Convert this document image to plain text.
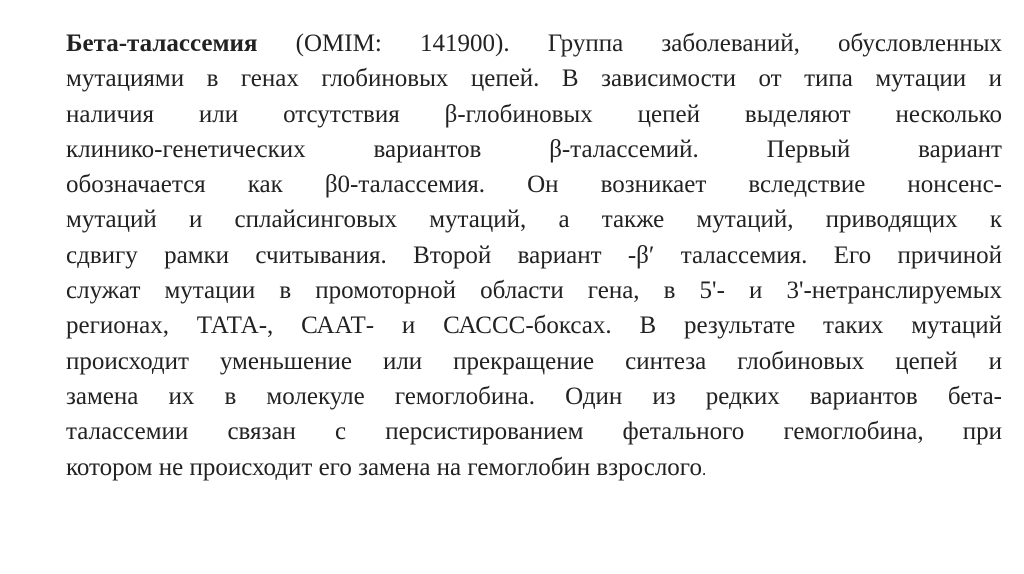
Бета-талассемия (OMIM: 141900). Группа заболеваний, обусловленных
мутациями в генах глобиновых цепей. В зависимости от типа мутации и
наличия или отсутствия β-глобиновых цепей выделяют несколько
клинико-генетических вариантов β-талассемий. Первый вариант
обозначается как β0-талассемия. Он возникает вследствие нонсенс-
мутаций и сплайсинговых мутаций, а также мутаций, приводящих к
сдвигу рамки считывания. Второй вариант -β′ талассемия. Его причиной
служат мутации в промоторной области гена, в 5'- и 3'-нетранслируемых
регионах, ТАТА-, СААТ- и САССС-боксах. В результате таких мутаций
происходит уменьшение или прекращение синтеза глобиновых цепей и
замена их в молекуле гемоглобина. Один из редких вариантов бета-
талассемии связан с персистированием фетального гемоглобина, при
котором не происходит его замена на гемоглобин взрослого.
